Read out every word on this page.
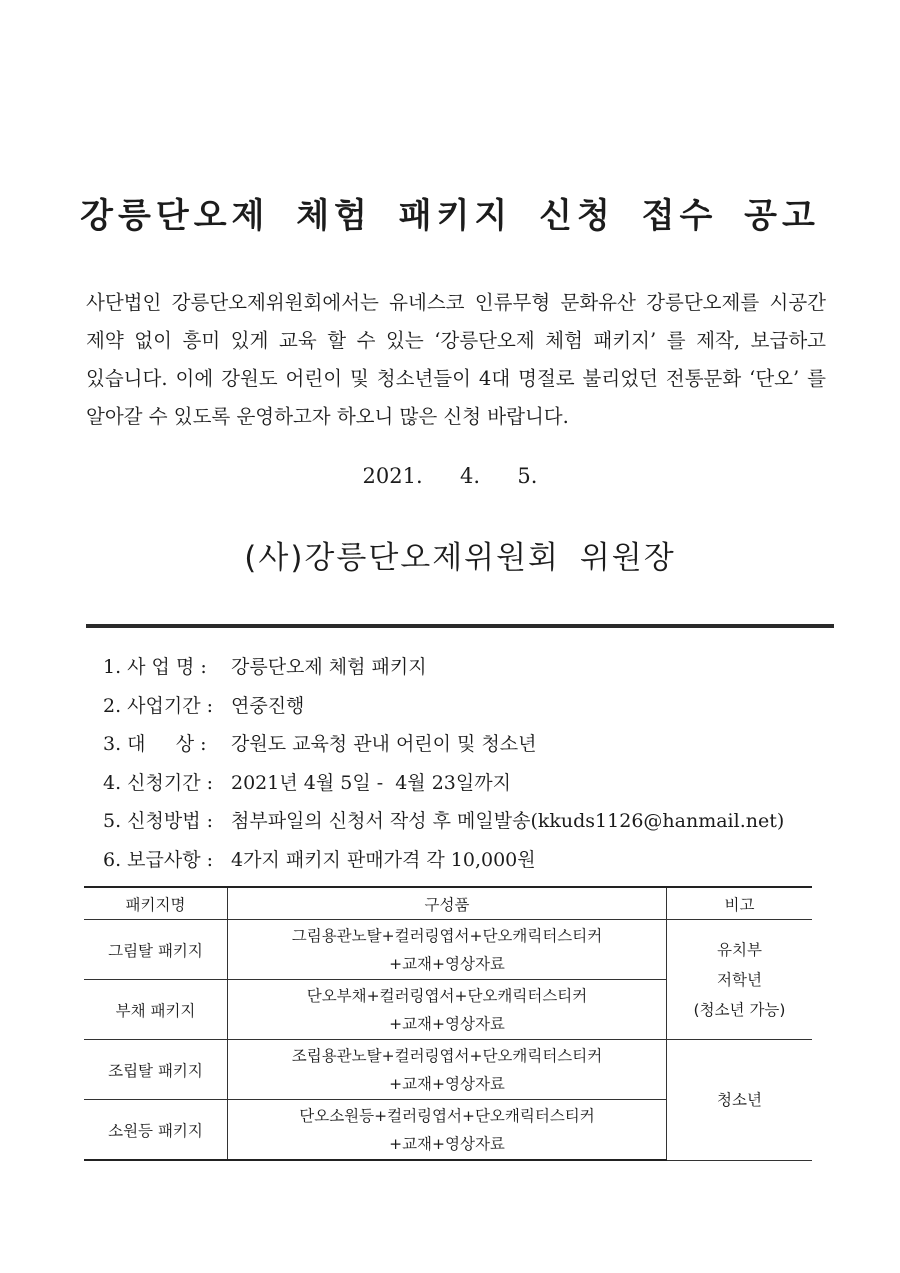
강릉단오제 체험 패키지 신청 접수 공고
사단법인 강릉단오제위원회에서는 유네스코 인류무형 문화유산 강릉단오제를 시공간 제약 없이 흥미 있게 교육 할 수 있는 ‘강릉단오제 체험 패키지’ 를 제작, 보급하고 있습니다. 이에 강원도 어린이 및 청소년들이 4대 명절로 불리었던 전통문화 ‘단오’ 를 알아갈 수 있도록 운영하고자 하오니 많은 신청 바랍니다.
2021.  4.  5.
(사)강릉단오제위원회 위원장
1. 사 업 명 : 강릉단오제 체험 패키지
2. 사업기간 : 연중진행
3. 대     상 : 강원도 교육청 관내 어린이 및 청소년
4. 신청기간 : 2021년 4월 5일 -  4월 23일까지
5. 신청방법 : 첨부파일의 신청서 작성 후 메일발송(kkuds1126@hanmail.net)
6. 보급사항 : 4가지 패키지 판매가격 각 10,000원
패키지명	구성품	비고
그림탈 패키지	그림용관노탈+컬러링엽서+단오캐릭터스티커
+교재+영상자료	유치부
저학년
(청소년 가능)

부채 패키지	단오부채+컬러링엽서+단오캐릭터스티커
+교재+영상자료	

조립탈 패키지	조립용관노탈+컬러링엽서+단오캐릭터스티커
+교재+영상자료	청소년

소원등 패키지	단오소원등+컬러링엽서+단오캐릭터스티커
+교재+영상자료	
